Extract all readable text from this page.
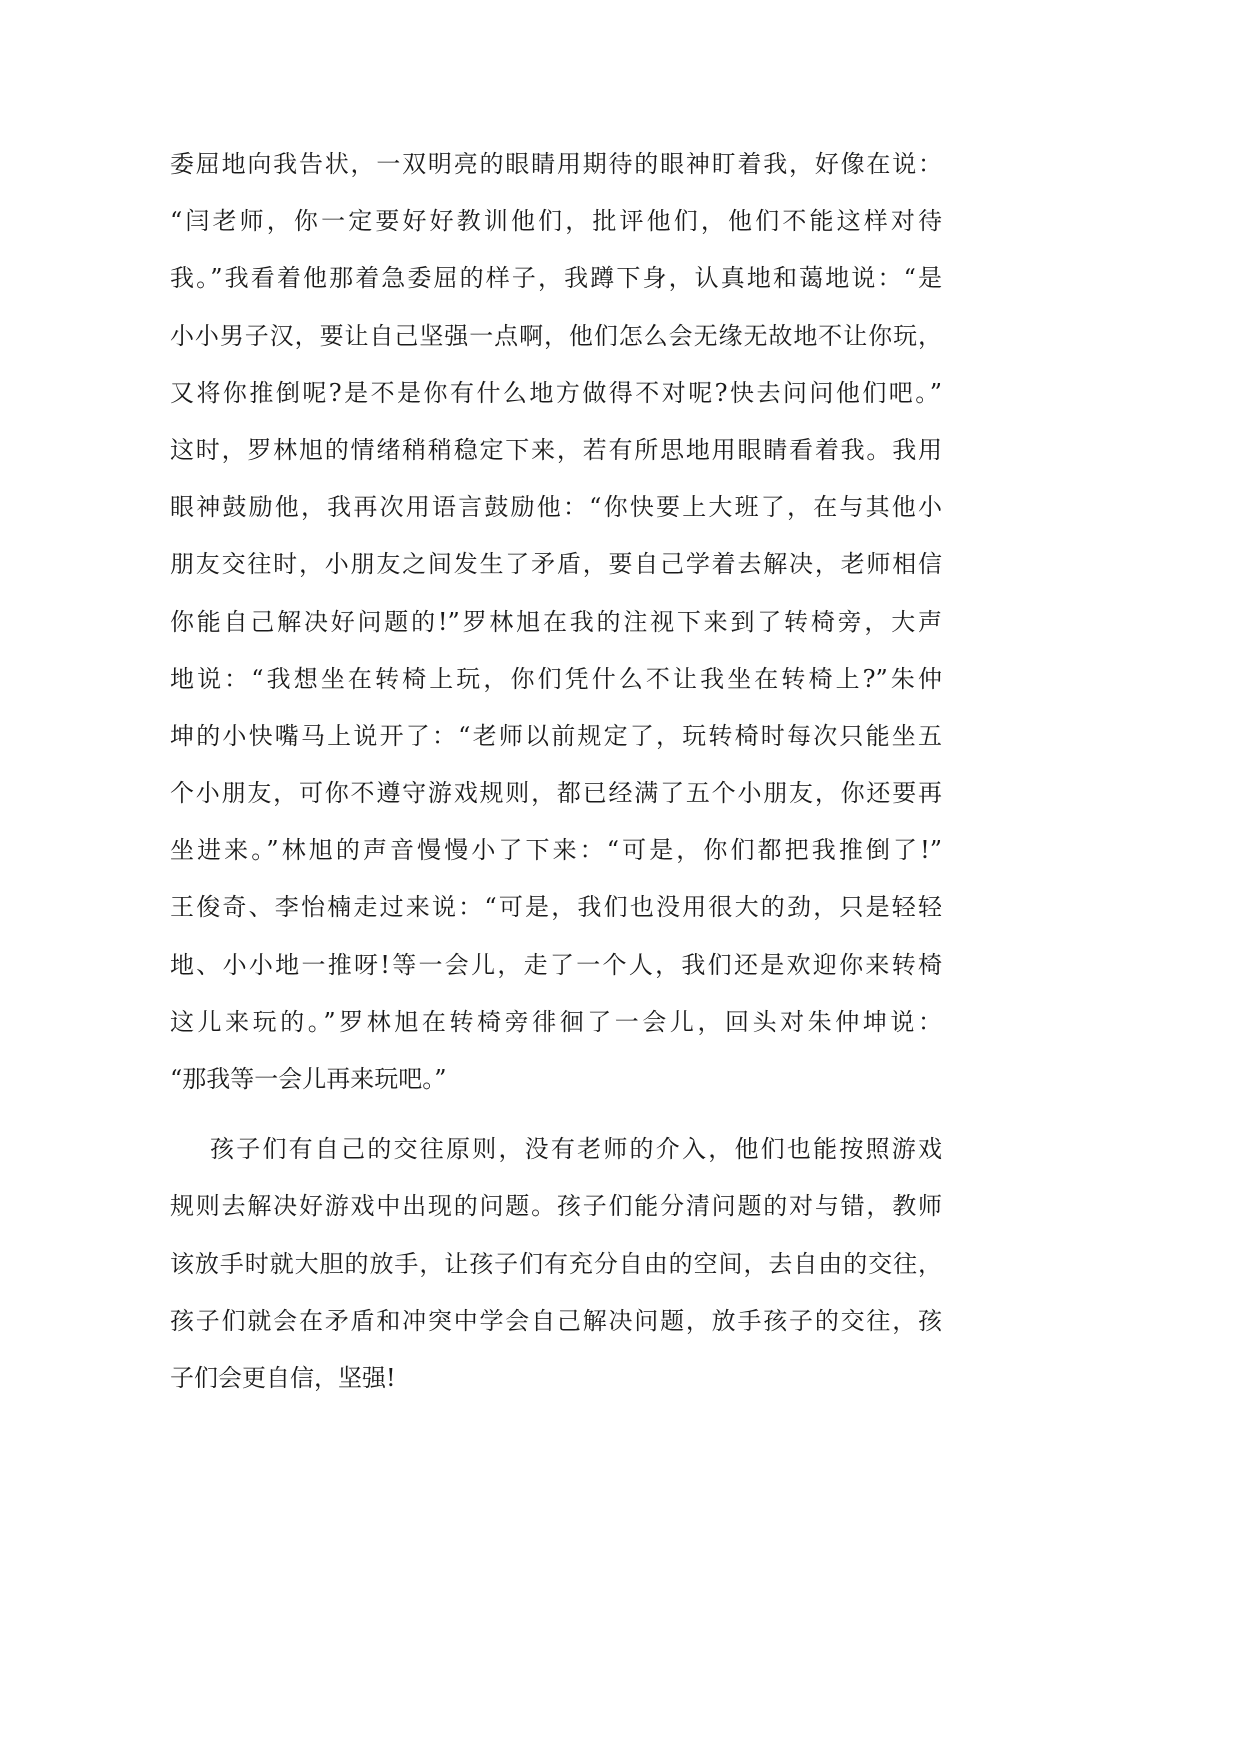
委屈地向我告状，一双明亮的眼睛用期待的眼神盯着我，好像在说：
“闫老师，你一定要好好教训他们，批评他们，他们不能这样对待
我。”我看着他那着急委屈的样子，我蹲下身，认真地和蔼地说：“是
小小男子汉，要让自己坚强一点啊，他们怎么会无缘无故地不让你玩，
又将你推倒呢?是不是你有什么地方做得不对呢?快去问问他们吧。”
这时，罗林旭的情绪稍稍稳定下来，若有所思地用眼睛看着我。我用
眼神鼓励他，我再次用语言鼓励他：“你快要上大班了，在与其他小
朋友交往时，小朋友之间发生了矛盾，要自己学着去解决，老师相信
你能自己解决好问题的!”罗林旭在我的注视下来到了转椅旁，大声
地说：“我想坐在转椅上玩，你们凭什么不让我坐在转椅上?”朱仲
坤的小快嘴马上说开了：“老师以前规定了，玩转椅时每次只能坐五
个小朋友，可你不遵守游戏规则，都已经满了五个小朋友，你还要再
坐进来。”林旭的声音慢慢小了下来：“可是，你们都把我推倒了!”
王俊奇、李怡楠走过来说：“可是，我们也没用很大的劲，只是轻轻
地、小小地一推呀!等一会儿，走了一个人，我们还是欢迎你来转椅
这儿来玩的。”罗林旭在转椅旁徘徊了一会儿，回头对朱仲坤说：
“那我等一会儿再来玩吧。”
孩子们有自己的交往原则，没有老师的介入，他们也能按照游戏
规则去解决好游戏中出现的问题。孩子们能分清问题的对与错，教师
该放手时就大胆的放手，让孩子们有充分自由的空间，去自由的交往，
孩子们就会在矛盾和冲突中学会自己解决问题，放手孩子的交往，孩
子们会更自信，坚强!
